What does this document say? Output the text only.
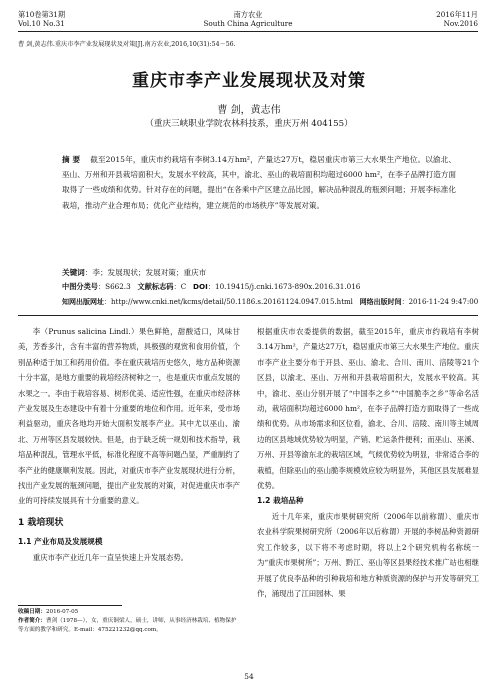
第10卷第31期
Vol.10 No.31
南方农业
South China Agriculture
2016年11月
Nov.2016
曹 剑,黄志伟.重庆市李产业发展现状及对策[J].南方农业,2016,10(31):54－56.
重庆市李产业发展现状及对策
曹 剑，黄志伟
（重庆三峡职业学院农林科技系，重庆万州 404155）
摘 要 截至2015年，重庆市约栽培有李树3.14万hm²，产量达27万t，稳居重庆市第三大水果生产地位。以渝北、巫山、万州和开县栽培面积大，发展水平较高，其中，渝北、巫山的栽培面积均超过6000 hm²，在李子品牌打造方面取得了一些成绩和优势。针对存在的问题，提出“在各乘中产区建立品比园，解决品种混乱的瓶颈问题；开展李标准化栽培，推动产业合理布局；优化产业结构，建立规范的市场秩序”等发展对策。
关键词：李；发展现状；发展对策；重庆市
中图分类号：S662.3 文献标志码：C DOI：10.19415/j.cnki.1673-890x.2016.31.016
知网出版网址：http://www.cnki.net/kcms/detail/50.1186.s.20161124.0947.015.html 网络出版时间：2016-11-24 9:47:00

李（Prunus salicina Lindl.）果色鲜艳，甜酸适口，风味甘美，芳香多汁，含有丰富的营养物质，具极强的观赏和食用价值，个别品种适于加工和药用价值。李在重庆栽培历史悠久，地方品种资源十分丰富，是地方重要的栽培经济树种之一，也是重庆市重点发展的水果之一。李由于栽培容易、树形优美、适应性强，在重庆市经济林产业发展及生态建设中有着十分重要的地位和作用。近年来，受市场利益驱动，重庆各地均开始大面积发展李产业。其中尤以巫山、渝北、万州等区县发展较快。但是，由于缺乏统一规划和技术指导，栽培品种混乱，管理水平低，标准化程度不高等问题凸显，严重制约了李产业的健康顺利发展。因此，对重庆市李产业发展现状进行分析，找出产业发展的瓶颈问题，提出产业发展的对策，对促进重庆市李产业的可持续发展具有十分重要的意义。

1 栽培现状
1.1 产业布局及发展规模

重庆市李产业近几年一直呈快速上升发展态势。

根据重庆市农委提供的数据，截至2015年，重庆市约栽培有李树3.14万hm²，产量达27万t，稳居重庆市第三大水果生产地位。重庆市李产业主要分布于开县、巫山、渝北、合川、南川、涪陵等21个区县，以渝北、巫山、万州和开县栽培面积大，发展水平较高。其中，渝北、巫山分别开展了“中国李之乡”“中国脆李之乡”等命名活动，栽培面积均超过6000 hm²，在李子品牌打造方面取得了一些成绩和优势。从市场需求和区位看，渝北、合川、涪陵、南川等主城周边的区县地域优势较为明显，产销、贮运条件便利；而巫山、巫溪、万州、开县等渝东北的栽培区域，气候优势较为明显，非常适合李的栽植，但除巫山的巫山脆李规模效应较为明显外，其他区县发展难显优势。

1.2 栽培品种

近十几年来，重庆市果树研究所（2006年以前称谓）、重庆市农业科学院果树研究所（2006年以后称谓）开展的李树品种资源研究工作较多，以下将不考虑时期，将以上2个研究机构名称统一为“重庆市果树所”；万州、黔江、巫山等区县果经技术推广站也相继开展了优良李品种的引种栽培和地方种质资源的保护与开发等研究工作，涌现出了江田园林、果

收稿日期：2016-07-05
作者简介：曹剑（1978—），女，重庆铜梁人，硕士，讲师，从事经济林栽培、植物保护等方面的教学和研究。E-mail：475221232@qq.com。
54
